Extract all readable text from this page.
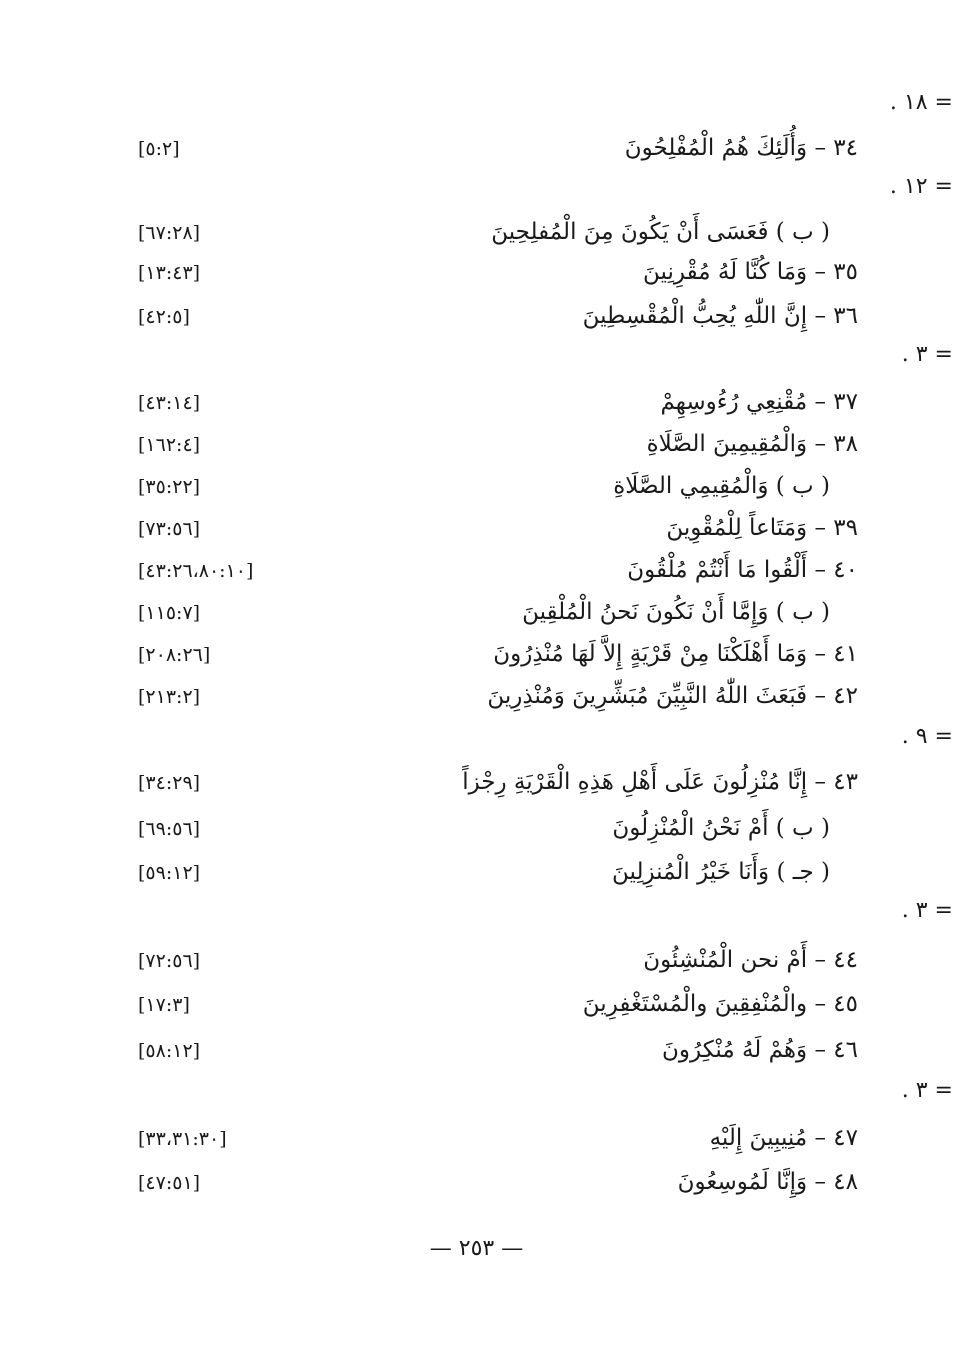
= ١٨ .
٣٤ – وَأُلَئِكَ هُمُ الْمُفْلِحُونَ
[٥:٢]
= ١٢ .
( ب ) فَعَسَى أَنْ يَكُونَ مِنَ الْمُفلِحِينَ
[٦٧:٢٨]
٣٥ – وَمَا كُنَّا لَهُ مُقْرِنِينَ
[١٣:٤٣]
٣٦ – إِنَّ اللّٰهِ يُحِبُّ الْمُقْسِطِينَ
[٤٢:٥]
= ٣ .
٣٧ – مُقْنِعِي رُءُوسِهِمْ
[٤٣:١٤]
٣٨ – وَالْمُقِيمِينَ الصَّلَاةِ
[١٦٢:٤]
( ب ) وَالْمُقِيمِي الصَّلَاةِ
[٣٥:٢٢]
٣٩ – وَمَتَاعاً لِلْمُقْوِينَ
[٧٣:٥٦]
٤٠ – أَلْقُوا مَا أَنْتُمْ مُلْقُونَ
[٤٣:٢٦،٨٠:١٠]
( ب ) وَإِمَّا أَنْ نَكُونَ نَحنُ الْمُلْقِينَ
[١١٥:٧]
٤١ – وَمَا أَهْلَكْنَا مِنْ قَرْيَةٍ إِلاَّ لَهَا مُنْذِرُونَ
[٢٠٨:٢٦]
٤٢ – فَبَعَثَ اللّٰهُ النَّبِيِّنَ مُبَشِّرِينَ وَمُنْذِرِينَ
[٢١٣:٢]
= ٩ .
٤٣ – إِنَّا مُنْزِلُونَ عَلَى أَهْلِ هَذِهِ الْقَرْيَةِ رِجْزاً
[٣٤:٢٩]
( ب ) أَمْ نَحْنُ الْمُنْزِلُونَ
[٦٩:٥٦]
( جـ ) وَأَنَا خَيْرُ الْمُنزِلِينَ
[٥٩:١٢]
= ٣ .
٤٤ – أَمْ نحن الْمُنْشِئُونَ
[٧٢:٥٦]
٤٥ – والْمُنْفِقِينَ والْمُسْتَغْفِرِينَ
[١٧:٣]
٤٦ – وَهُمْ لَهُ مُنْكِرُونَ
[٥٨:١٢]
= ٣ .
٤٧ – مُنِيبِينَ إِلَيْهِ
[٣٣،٣١:٣٠]
٤٨ – وَإِنَّا لَمُوسِعُونَ
[٤٧:٥١]
— ٢٥٣ —
